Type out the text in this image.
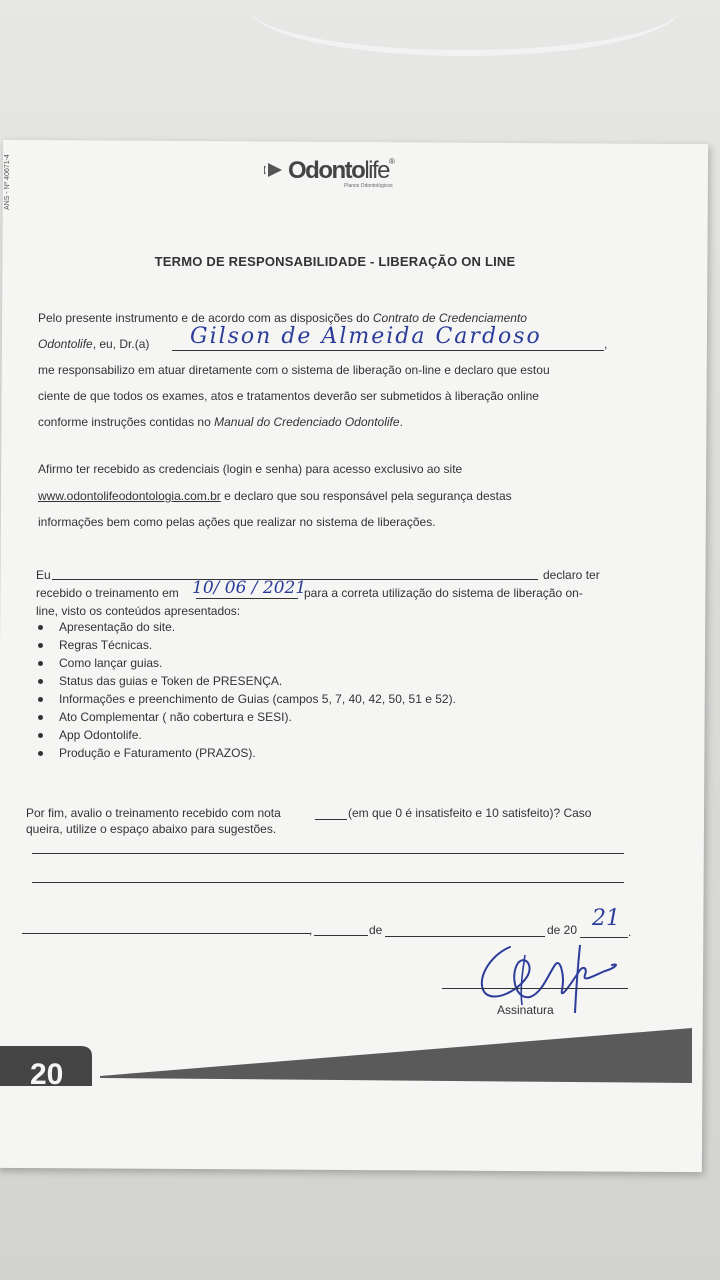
ANS - Nº 40671-4	Odontolife®
Planos Odontológicos
TERMO DE RESPONSABILIDADE - LIBERAÇÃO ON LINE
Pelo presente instrumento e de acordo com as disposições do Contrato de Credenciamento
Odontolife, eu, Dr.(a)	Gilson de Almeida Cardoso	,
me responsabilizo em atuar diretamente com o sistema de liberação on-line e declaro que estou
ciente de que todos os exames, atos e tratamentos deverão ser submetidos à liberação online
conforme instruções contidas no Manual do Credenciado Odontolife.
Afirmo ter recebido as credenciais (login e senha) para acesso exclusivo ao site
www.odontolifeodontologia.com.br e declaro que sou responsável pela segurança destas
informações bem como pelas ações que realizar no sistema de liberações.
Eu	declaro ter
recebido o treinamento em 10/ 06 / 2021
para a correta utilização do sistema de liberação on-
line, visto os conteúdos apresentados:
Apresentação do site.
Regras Técnicas.
Como lançar guias.
Status das guias e Token de PRESENÇA.
Informações e preenchimento de Guias (campos 5, 7, 40, 42, 50, 51 e 52).
Ato Complementar ( não cobertura e SESI).
App Odontolife.
Produção e Faturamento (PRAZOS).
Por fim, avalio o treinamento recebido com nota	(em que 0 é insatisfeito e 10 satisfeito)? Caso
queira, utilize o espaço abaixo para sugestões.
,	de	de 20 21
.
Assinatura
20
